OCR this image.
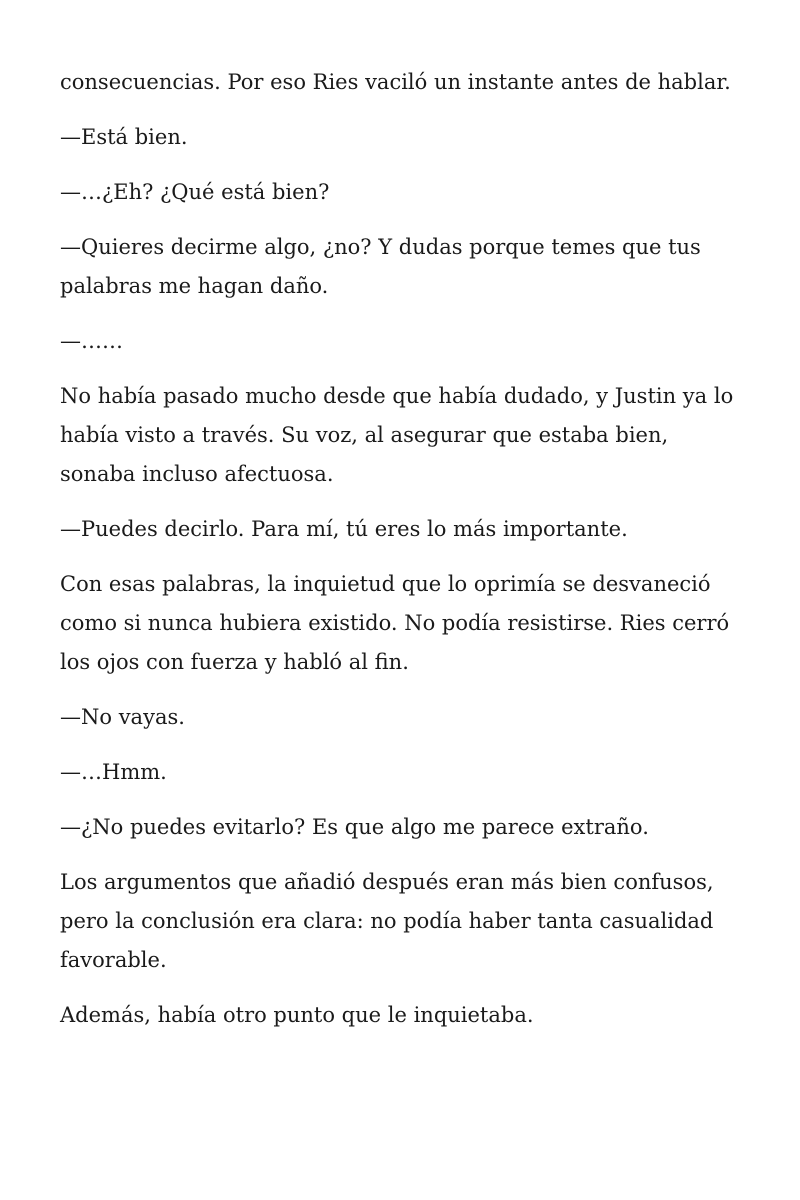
consecuencias. Por eso Ries vaciló un instante antes de hablar.

—Está bien.

—…¿Eh? ¿Qué está bien?

—Quieres decirme algo, ¿no? Y dudas porque temes que tus palabras me hagan daño.

—……

No había pasado mucho desde que había dudado, y Justin ya lo había visto a través. Su voz, al asegurar que estaba bien, sonaba incluso afectuosa.

—Puedes decirlo. Para mí, tú eres lo más importante.

Con esas palabras, la inquietud que lo oprimía se desvaneció como si nunca hubiera existido. No podía resistirse. Ries cerró los ojos con fuerza y habló al fin.

—No vayas.

—…Hmm.

—¿No puedes evitarlo? Es que algo me parece extraño.

Los argumentos que añadió después eran más bien confusos, pero la conclusión era clara: no podía haber tanta casualidad favorable.

Además, había otro punto que le inquietaba.
